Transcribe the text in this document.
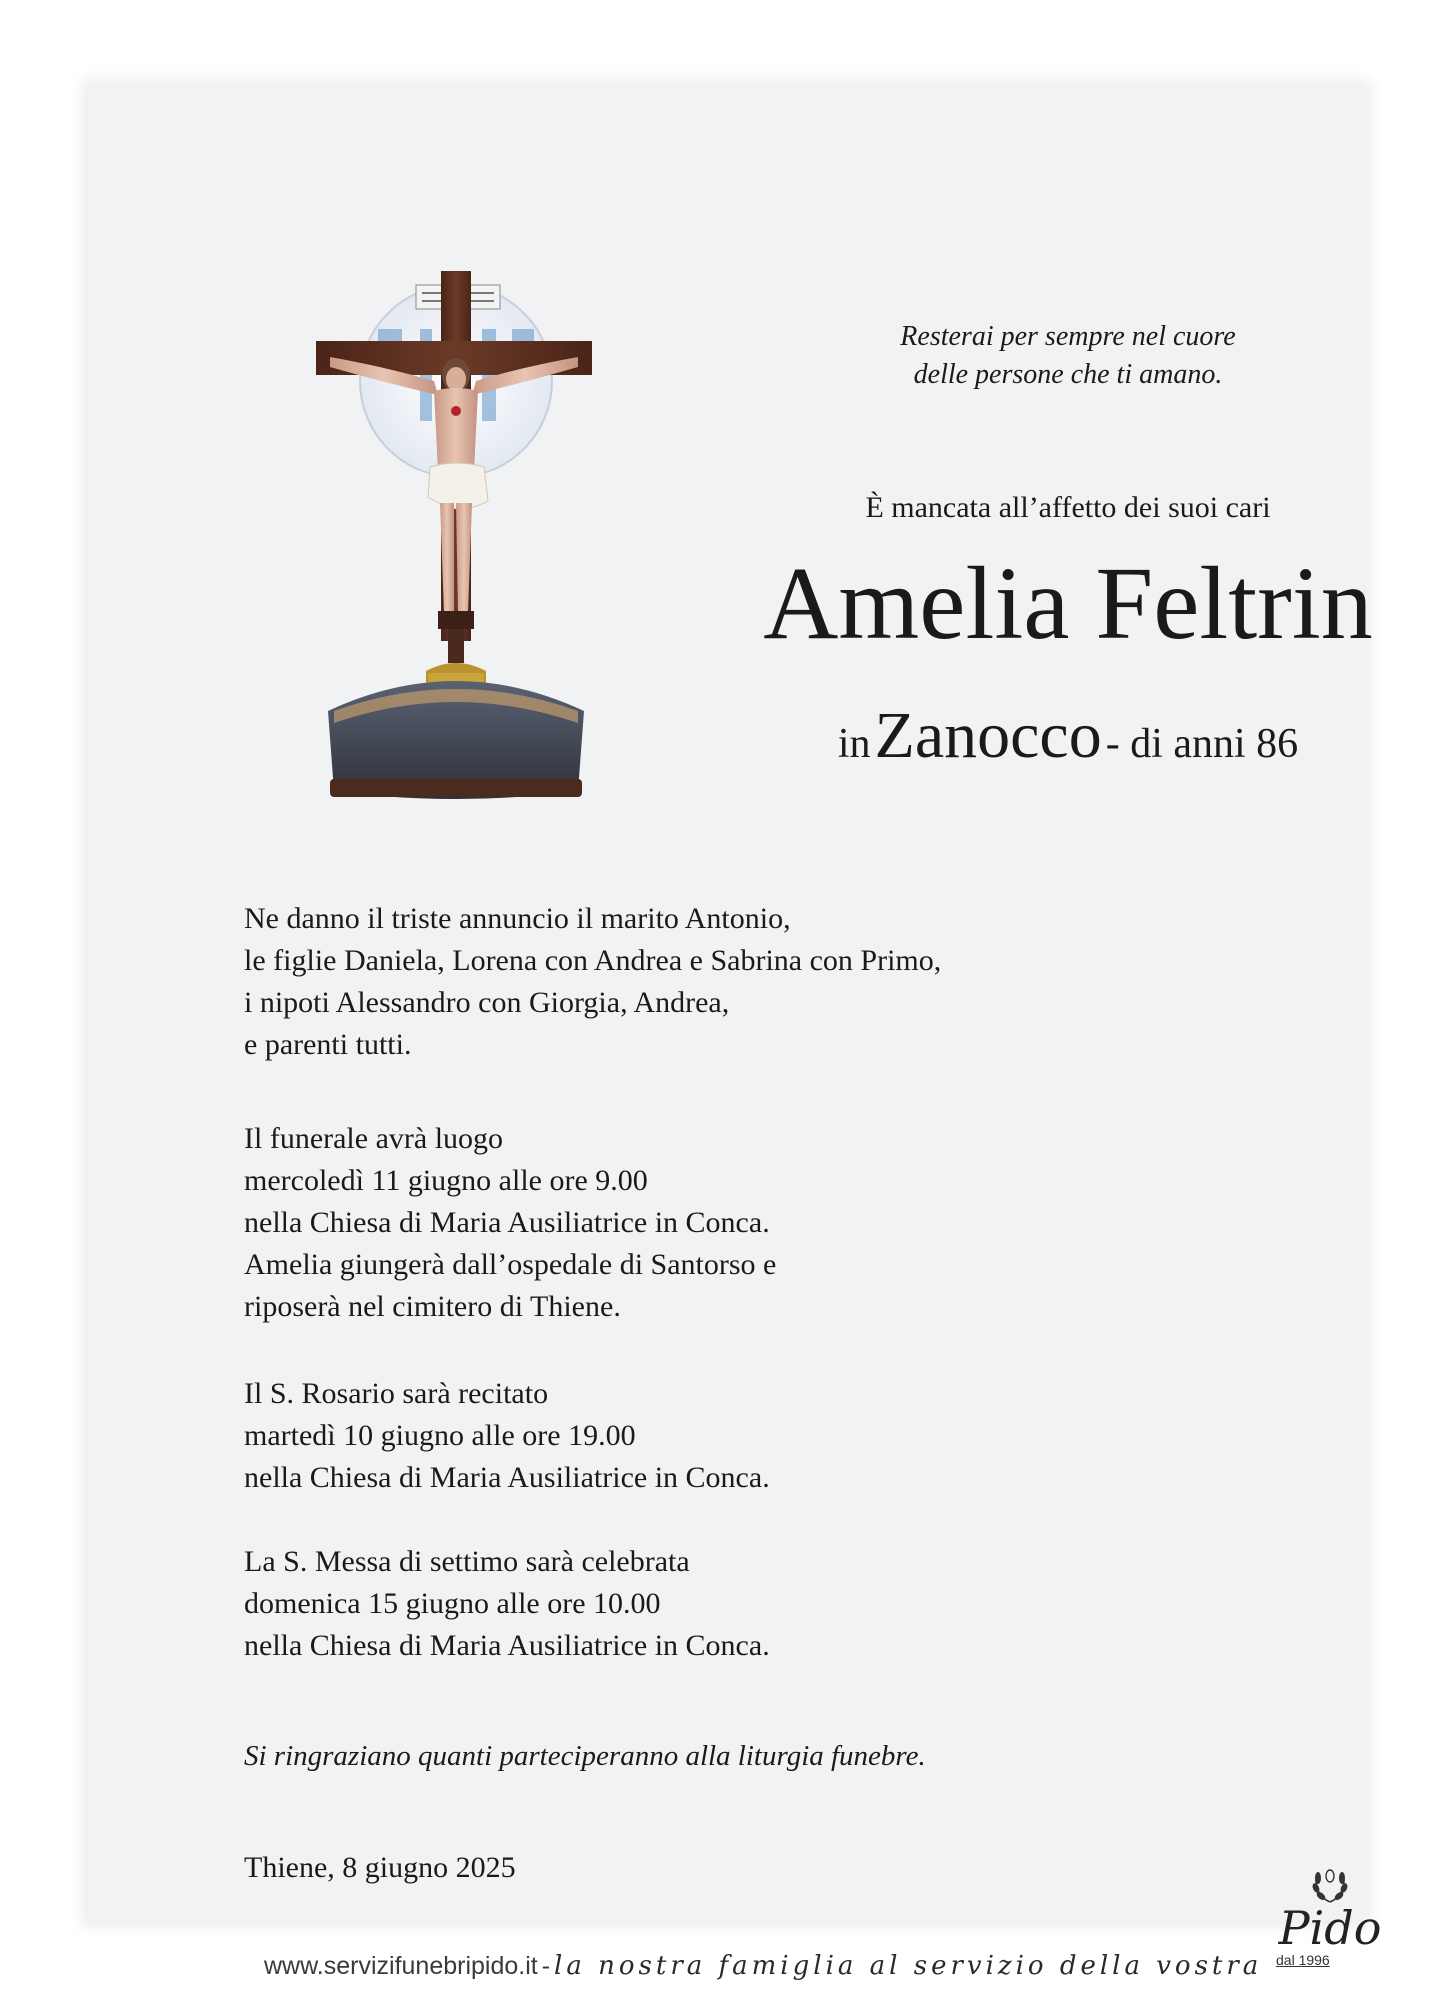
Resterai per sempre nel cuore
delle persone che ti amano.
È mancata all’affetto dei suoi cari
Amelia Feltrin
in Zanocco - di anni 86
Ne danno il triste annuncio il marito Antonio,
le figlie Daniela, Lorena con Andrea e Sabrina con Primo,
i nipoti Alessandro con Giorgia, Andrea,
e parenti tutti.
Il funerale avrà luogo
mercoledì 11 giugno alle ore 9.00
nella Chiesa di Maria Ausiliatrice in Conca.
Amelia giungerà dall’ospedale di Santorso e
riposerà nel cimitero di Thiene.
Il S. Rosario sarà recitato
martedì 10 giugno alle ore 19.00
nella Chiesa di Maria Ausiliatrice in Conca.
La S. Messa di settimo sarà celebrata
domenica 15 giugno alle ore 10.00
nella Chiesa di Maria Ausiliatrice in Conca.
Si ringraziano quanti parteciperanno alla liturgia funebre.
Thiene, 8 giugno 2025
www.servizifunebripido.it - la nostra famiglia al servizio della vostra
Pido
dal 1996
